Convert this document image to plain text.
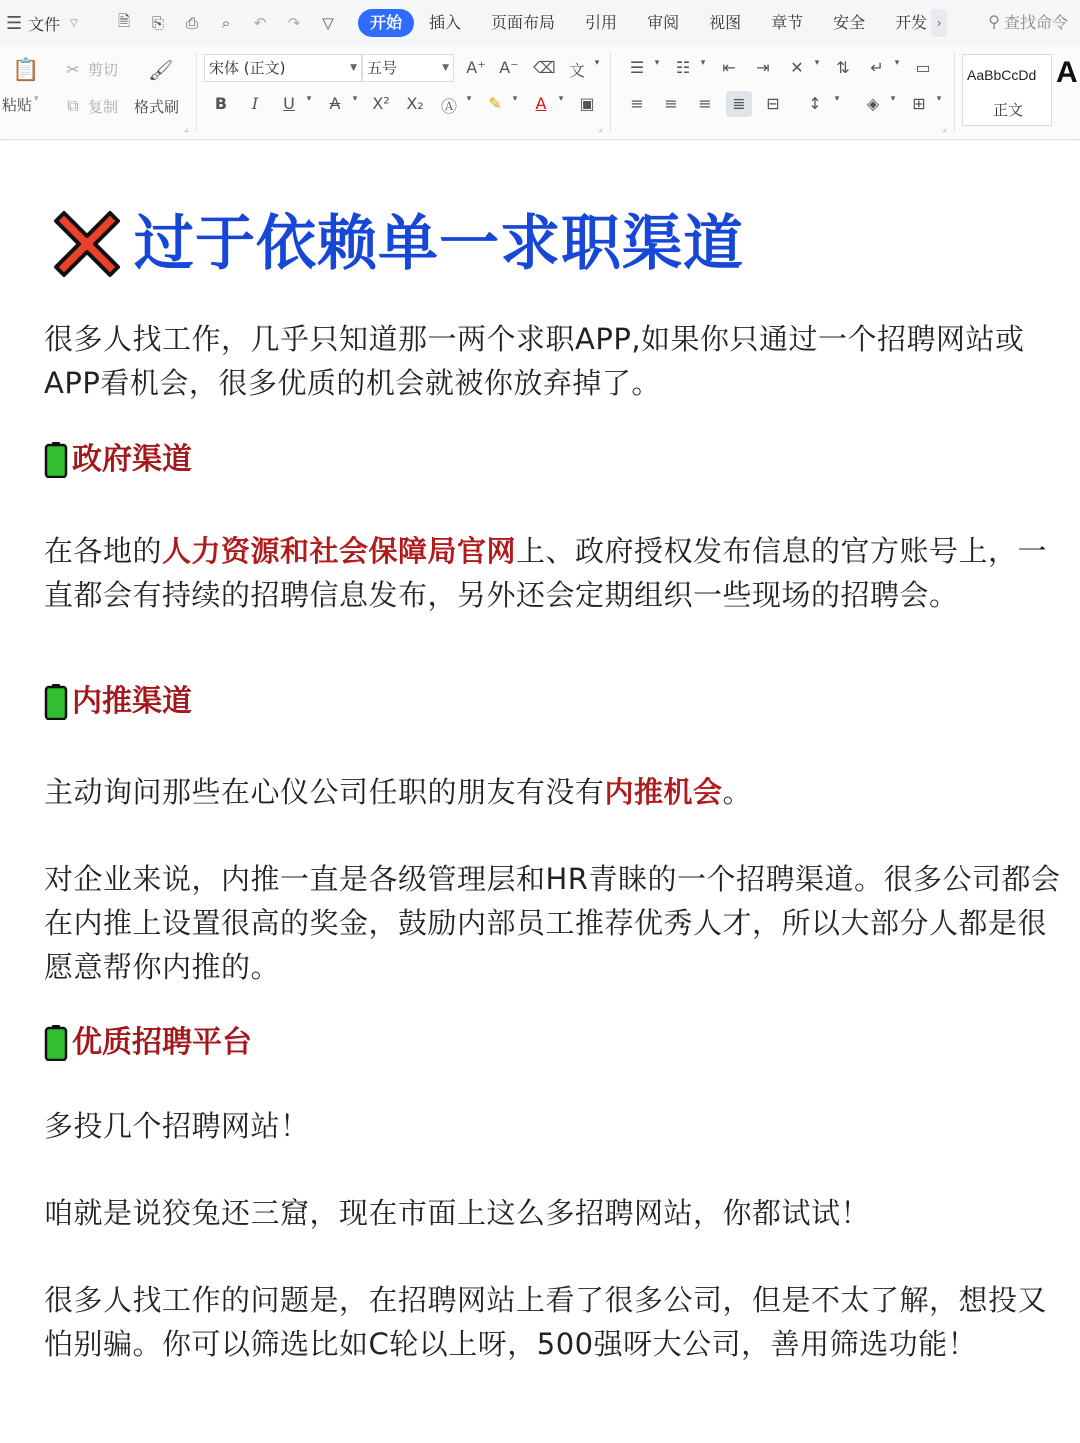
☰ 文件 ▽	🗎 ⎘ ⎙	⌕	↶ ↷ ▽	开始	插入	页面布局	引用	审阅	视图	章节	安全	开发 ›	⚲ 查找命令
📋
粘贴 ▾
✂ 剪切
⧉ 复制
🖌
格式刷
⌟
宋体 (正文)	▼ 五号	▼ A⁺ A⁻ ⌫ 文	▾
B	I	U	▾	A	▾ X² X₂ Ⓐ	▾	✎	▾	A	▾	▣
⌟
☰	▾	☷	▾	⇤ ⇥ ✕	▾	⇅ ↵	▾	▭
≡ ≡ ≡	≣	⊟ ↕	▾	◈	▾	⊞	▾
⌟
AaBbCcDd
正文
A
过于依赖单一求职渠道
很多人找工作，几乎只知道那一两个求职APP,如果你只通过一个招聘网站或APP看机会，很多优质的机会就被你放弃掉了。
政府渠道
在各地的人力资源和社会保障局官网上、政府授权发布信息的官方账号上，一直都会有持续的招聘信息发布，另外还会定期组织一些现场的招聘会。
内推渠道
主动询问那些在心仪公司任职的朋友有没有内推机会。
对企业来说，内推一直是各级管理层和HR青睐的一个招聘渠道。很多公司都会在内推上设置很高的奖金，鼓励内部员工推荐优秀人才，所以大部分人都是很愿意帮你内推的。
优质招聘平台
多投几个招聘网站！
咱就是说狡兔还三窟，现在市面上这么多招聘网站，你都试试！
很多人找工作的问题是，在招聘网站上看了很多公司，但是不太了解，想投又怕别骗。你可以筛选比如C轮以上呀，500强呀大公司，善用筛选功能！
